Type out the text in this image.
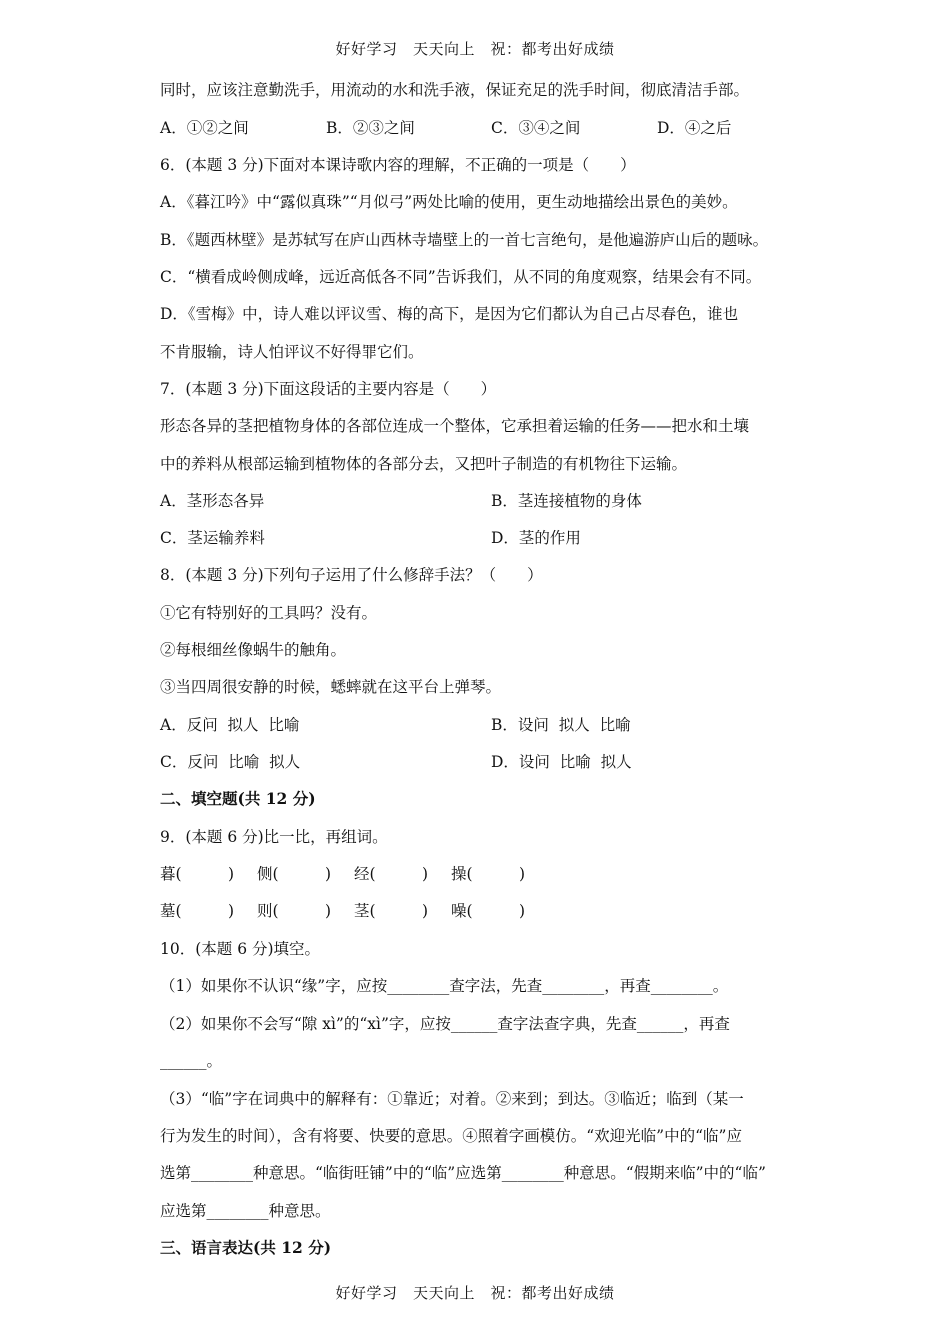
好好学习　天天向上　祝：都考出好成绩
同时，应该注意勤洗手，用流动的水和洗手液，保证充足的洗手时间，彻底清洁手部。
A．①②之间	B．②③之间	C．③④之间	D．④之后
6．(本题 3 分)下面对本课诗歌内容的理解，不正确的一项是（　　）
A．《暮江吟》中“露似真珠”“月似弓”两处比喻的使用，更生动地描绘出景色的美妙。
B．《题西林壁》是苏轼写在庐山西林寺墙壁上的一首七言绝句，是他遍游庐山后的题咏。
C．“横看成岭侧成峰，远近高低各不同”告诉我们，从不同的角度观察，结果会有不同。
D．《雪梅》中，诗人难以评议雪、梅的高下，是因为它们都认为自己占尽春色，谁也
不肯服输，诗人怕评议不好得罪它们。
7．(本题 3 分)下面这段话的主要内容是（　　）
形态各异的茎把植物身体的各部位连成一个整体，它承担着运输的任务——把水和土壤
中的养料从根部运输到植物体的各部分去，又把叶子制造的有机物往下运输。
A．茎形态各异	B．茎连接植物的身体
C．茎运输养料	D．茎的作用
8．(本题 3 分)下列句子运用了什么修辞手法？（　　）
①它有特别好的工具吗？没有。
②每根细丝像蜗牛的触角。
③当四周很安静的时候，蟋蟀就在这平台上弹琴。
A．反问  拟人  比喻	B．设问  拟人  比喻
C．反问  比喻  拟人	D．设问  比喻  拟人
二、填空题(共 12 分)
9．(本题 6 分)比一比，再组词。
暮(　　　) 侧(　　　) 经(　　　) 操(　　　)
墓(　　　) 则(　　　) 茎(　　　) 噪(　　　)
10．(本题 6 分)填空。
（1）如果你不认识“缘”字，应按________查字法，先查________，再查________。
（2）如果你不会写“隙 xì”的“xì”字，应按______查字法查字典，先查______，再查
______。
（3）“临”字在词典中的解释有：①靠近；对着。②来到；到达。③临近；临到（某一
行为发生的时间），含有将要、快要的意思。④照着字画模仿。“欢迎光临”中的“临”应
选第________种意思。“临街旺铺”中的“临”应选第________种意思。“假期来临”中的“临”
应选第________种意思。
三、语言表达(共 12 分)
好好学习　天天向上　祝：都考出好成绩
